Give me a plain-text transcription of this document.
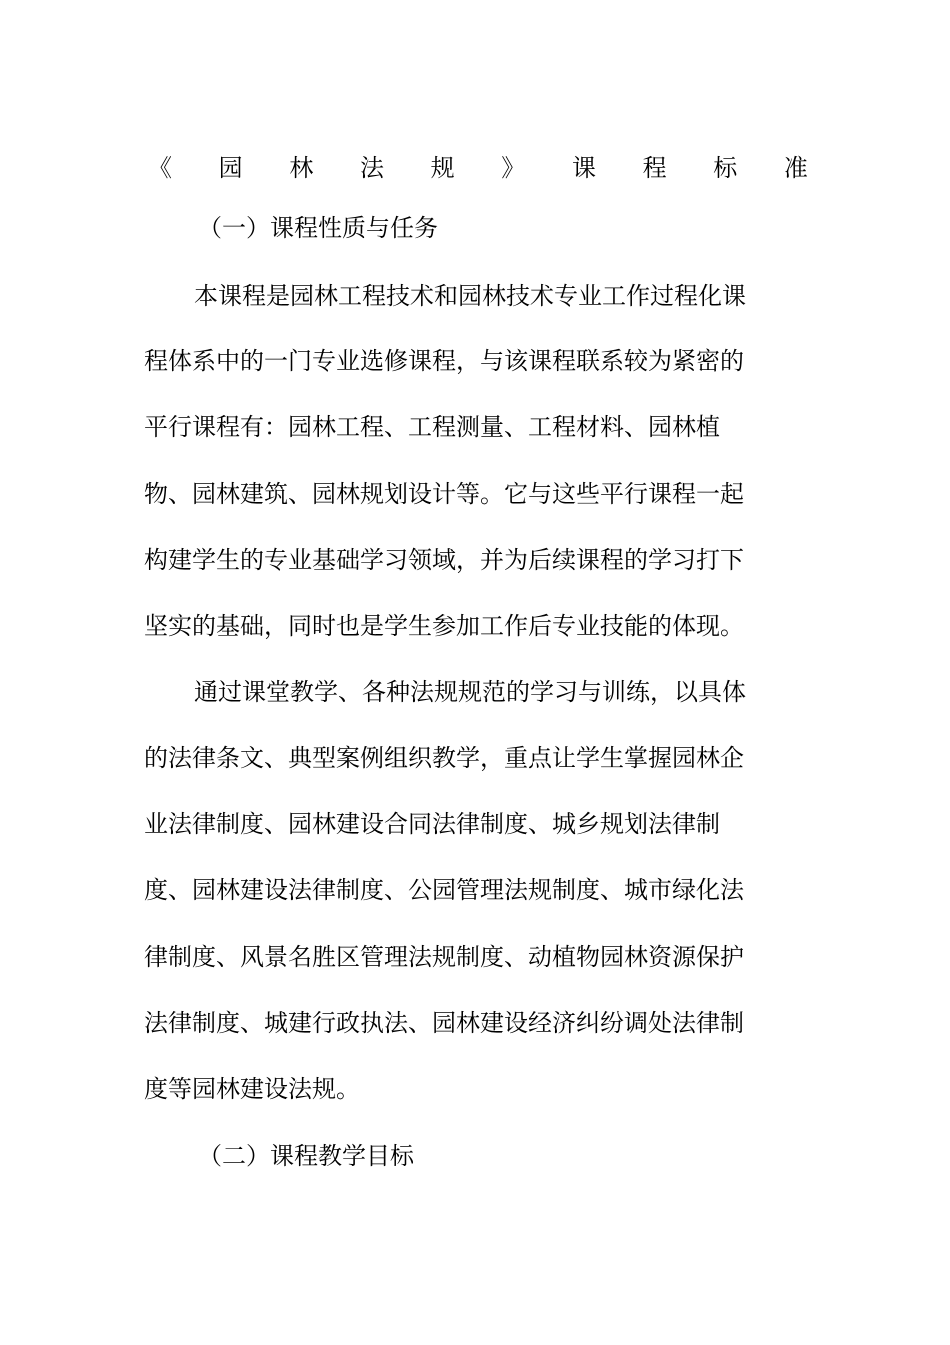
《 园 林 法 规 》 课 程 标 准
（一）课程性质与任务
本课程是园林工程技术和园林技术专业工作过程化课
程体系中的一门专业选修课程，与该课程联系较为紧密的
平行课程有：园林工程、工程测量、工程材料、园林植
物、园林建筑、园林规划设计等。它与这些平行课程一起
构建学生的专业基础学习领域，并为后续课程的学习打下
坚实的基础，同时也是学生参加工作后专业技能的体现。
通过课堂教学、各种法规规范的学习与训练，以具体
的法律条文、典型案例组织教学，重点让学生掌握园林企
业法律制度、园林建设合同法律制度、城乡规划法律制
度、园林建设法律制度、公园管理法规制度、城市绿化法
律制度、风景名胜区管理法规制度、动植物园林资源保护
法律制度、城建行政执法、园林建设经济纠纷调处法律制
度等园林建设法规。
（二）课程教学目标
